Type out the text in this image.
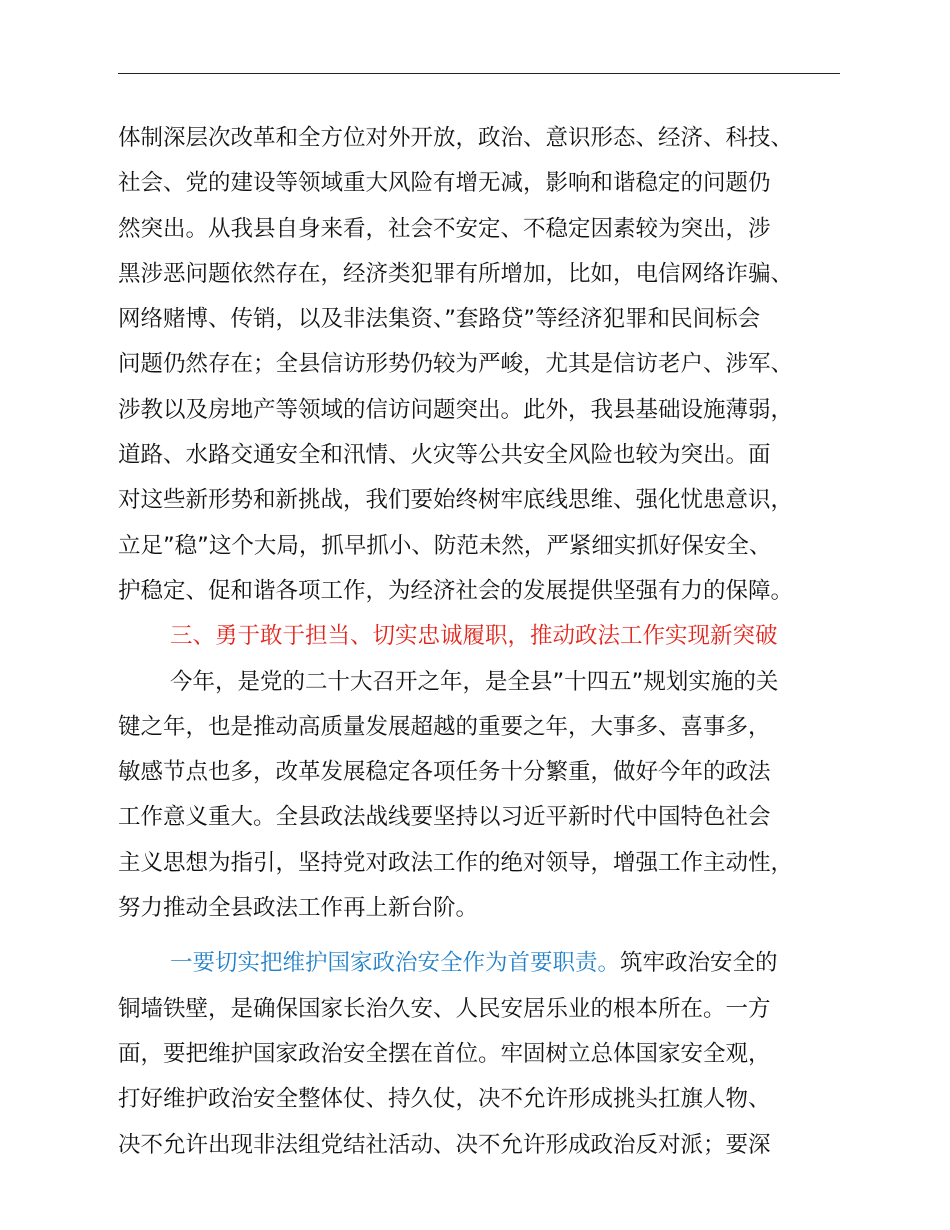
体制深层次改革和全方位对外开放，政治、意识形态、经济、科技、
社会、党的建设等领域重大风险有增无减，影响和谐稳定的问题仍
然突出。从我县自身来看，社会不安定、不稳定因素较为突出，涉
黑涉恶问题依然存在，经济类犯罪有所增加，比如，电信网络诈骗、
网络赌博、传销，以及非法集资、”套路贷”等经济犯罪和民间标会
问题仍然存在；全县信访形势仍较为严峻，尤其是信访老户、涉军、
涉教以及房地产等领域的信访问题突出。此外，我县基础设施薄弱，
道路、水路交通安全和汛情、火灾等公共安全风险也较为突出。面
对这些新形势和新挑战，我们要始终树牢底线思维、强化忧患意识，
立足”稳”这个大局，抓早抓小、防范未然，严紧细实抓好保安全、
护稳定、促和谐各项工作，为经济社会的发展提供坚强有力的保障。
三、勇于敢于担当、切实忠诚履职，推动政法工作实现新突破
今年，是党的二十大召开之年，是全县”十四五”规划实施的关
键之年，也是推动高质量发展超越的重要之年，大事多、喜事多，
敏感节点也多，改革发展稳定各项任务十分繁重，做好今年的政法
工作意义重大。全县政法战线要坚持以习近平新时代中国特色社会
主义思想为指引，坚持党对政法工作的绝对领导，增强工作主动性，
努力推动全县政法工作再上新台阶。
一要切实把维护国家政治安全作为首要职责。筑牢政治安全的
铜墙铁壁，是确保国家长治久安、人民安居乐业的根本所在。一方
面，要把维护国家政治安全摆在首位。牢固树立总体国家安全观，
打好维护政治安全整体仗、持久仗，决不允许形成挑头扛旗人物、
决不允许出现非法组党结社活动、决不允许形成政治反对派；要深
